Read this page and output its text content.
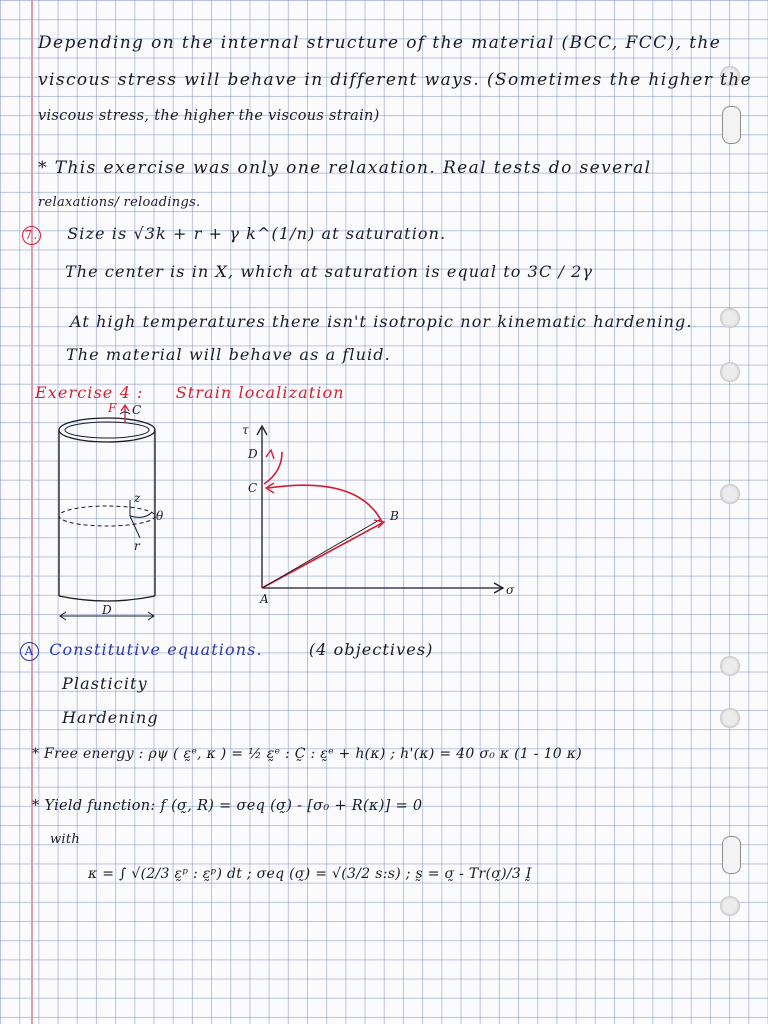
Depending on the internal structure of the material (BCC, FCC), the
viscous stress will behave in different ways. (Sometimes the higher the
viscous stress, the higher the viscous strain)
* This exercise was only one relaxation. Real tests do several
relaxations/ reloadings.
7. Size is √3k + r + γ k^(1/n) at saturation.
The center is in X, which at saturation is equal to 3C / 2γ
At high temperatures there isn't isotropic nor kinematic hardening.
The material will behave as a fluid.
Exercise 4 : Strain localization
F C
z
θ
r
D
τ
σ
A
B
C
D
A Constitutive equations.	(4 objectives)
Plasticity
Hardening
* Free energy : ρψ ( ε̰ᵉ, κ ) = ½ ε̰ᵉ : C̰ : ε̰ᵉ + h(κ) ; h'(κ) = 40 σ₀ κ (1 - 10 κ)
* Yield function: f (σ̰, R) = σeq (σ̰) - [σ₀ + R(κ)] = 0
with
κ = ∫ √(2/3 ε̰ᵖ : ε̰ᵖ) dt ; σeq (σ̰) = √(3/2 s:s) ; s̰ = σ̰ - Tr(σ̰)/3 Ḭ
